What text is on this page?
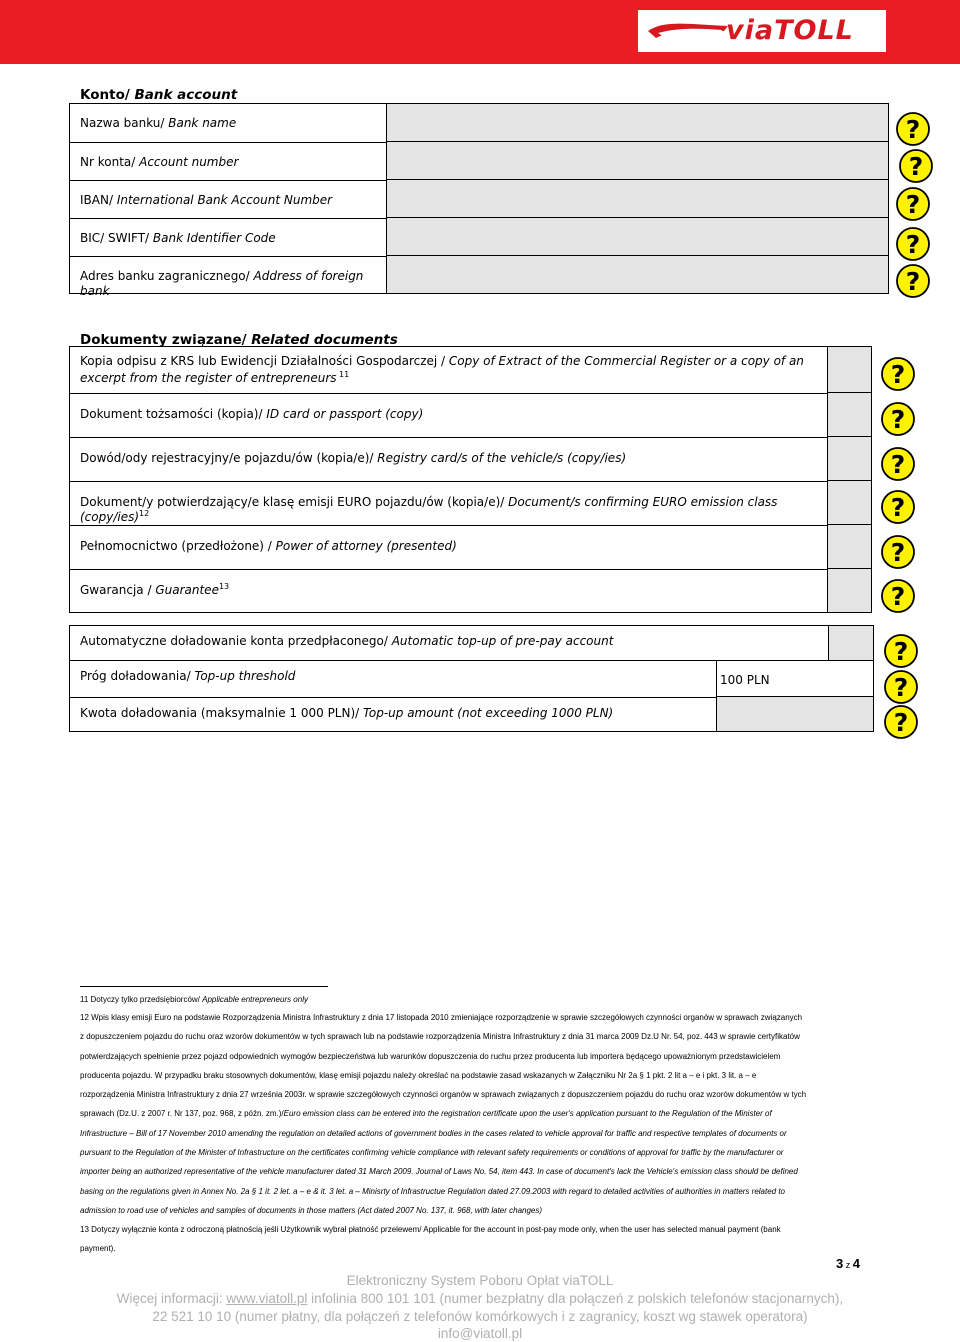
viaTOLL
Konto/ Bank account
Nazwa banku/ Bank name
Nr konta/ Account number
IBAN/ International Bank Account Number
BIC/ SWIFT/ Bank Identifier Code
Adres banku zagranicznego/ Address of foreign bank
Dokumenty związane/ Related documents
Kopia odpisu z KRS lub Ewidencji Działalności Gospodarczej / Copy of Extract of the Commercial Register or a copy of an excerpt from the register of entrepreneurs $^{11}$
Dokument tożsamości (kopia)/ ID card or passport (copy)
Dowód/ody rejestracyjny/e pojazdu/ów (kopia/e)/ Registry card/s of the vehicle/s (copy/ies)
Dokument/y potwierdzający/e klasę emisji EURO pojazdu/ów (kopia/e)/ Document/s confirming EURO emission class (copy/ies)$^{12}$
Pełnomocnictwo (przedłożone) / Power of attorney (presented)
Gwarancja / Guarantee$^{13}$
Automatyczne doładowanie konta przedpłaconego/ Automatic top-up of pre-pay account
Próg doładowania/ Top-up threshold
Kwota doładowania (maksymalnie 1 000 PLN)/ Top-up amount (not exceeding 1000 PLN)
100 PLN
?
?
?
?
?
?
?
?
?
?
?
?
?
?
11 Dotyczy tylko przedsiębiorców/ Applicable entrepreneurs only
12 Wpis klasy emisji Euro na podstawie Rozporządzenia Ministra Infrastruktury z dnia 17 listopada 2010 zmieniające rozporządzenie w sprawie szczegółowych czynności organów w sprawach związanych
z dopuszczeniem pojazdu do ruchu oraz wzorów dokumentów w tych sprawach lub na podstawie rozporządzenia Ministra Infrastruktury z dnia 31 marca 2009 Dz.U Nr. 54, poz. 443 w sprawie certyfikatów
potwierdzających spełnienie przez pojazd odpowiednich wymogów bezpieczeństwa lub warunków dopuszczenia do ruchu przez producenta lub importera będącego upoważnionym przedstawicielem
producenta pojazdu. W przypadku braku stosownych dokumentów, klasę emisji pojazdu należy określać na podstawie zasad wskazanych w Załączniku Nr 2a § 1 pkt. 2 lit a – e i pkt. 3 lit. a – e
rozporządzenia Ministra Infrastruktury z dnia 27 września 2003r. w sprawie szczegółowych czynności organów w sprawach związanych z dopuszczeniem pojazdu do ruchu oraz wzorów dokumentów w tych
sprawach (Dz.U. z 2007 r. Nr 137, poz. 968, z późn. zm.)/Euro emission class can be entered into the registration certificate upon the user's application pursuant to the Regulation of the Minister of
Infrastructure – Bill of 17 November 2010 amending the regulation on detailed actions of government bodies in the cases related to vehicle approval for traffic and respective templates of documents or
pursuant to the Regulation of the Minister of Infrastructure on the certificates confirming vehicle compliance with relevant safety requirements or conditions of approval for traffic by the manufacturer or
importer being an authorized representative of the vehicle manufacturer dated 31 March 2009. Journal of Laws No. 54, item 443. In case of document's lack the Vehicle's emission class should be defined
basing on the regulations given in Annex No. 2a § 1 it. 2 let. a – e & it. 3 let. a – Minisrty of Infrastructue Regulation dated 27.09.2003 with regard to detailed activities of authorities in matters related to
admission to road use of vehicles and samples of documents in those matters (Act dated 2007 No. 137, it. 968, with later changes)
13 Dotyczy wyłącznie konta z odroczoną płatnością jeśli Użytkownik wybrał płatność przelewem/ Applicable for the account in post-pay mode only, when the user has selected manual payment (bank
payment).
3 z 4
Elektroniczny System Poboru Opłat viaTOLL
Więcej informacji: www.viatoll.pl infolinia 800 101 101 (numer bezpłatny dla połączeń z polskich telefonów stacjonarnych),
22 521 10 10 (numer płatny, dla połączeń z telefonów komórkowych i z zagranicy, koszt wg stawek operatora)
info@viatoll.pl
